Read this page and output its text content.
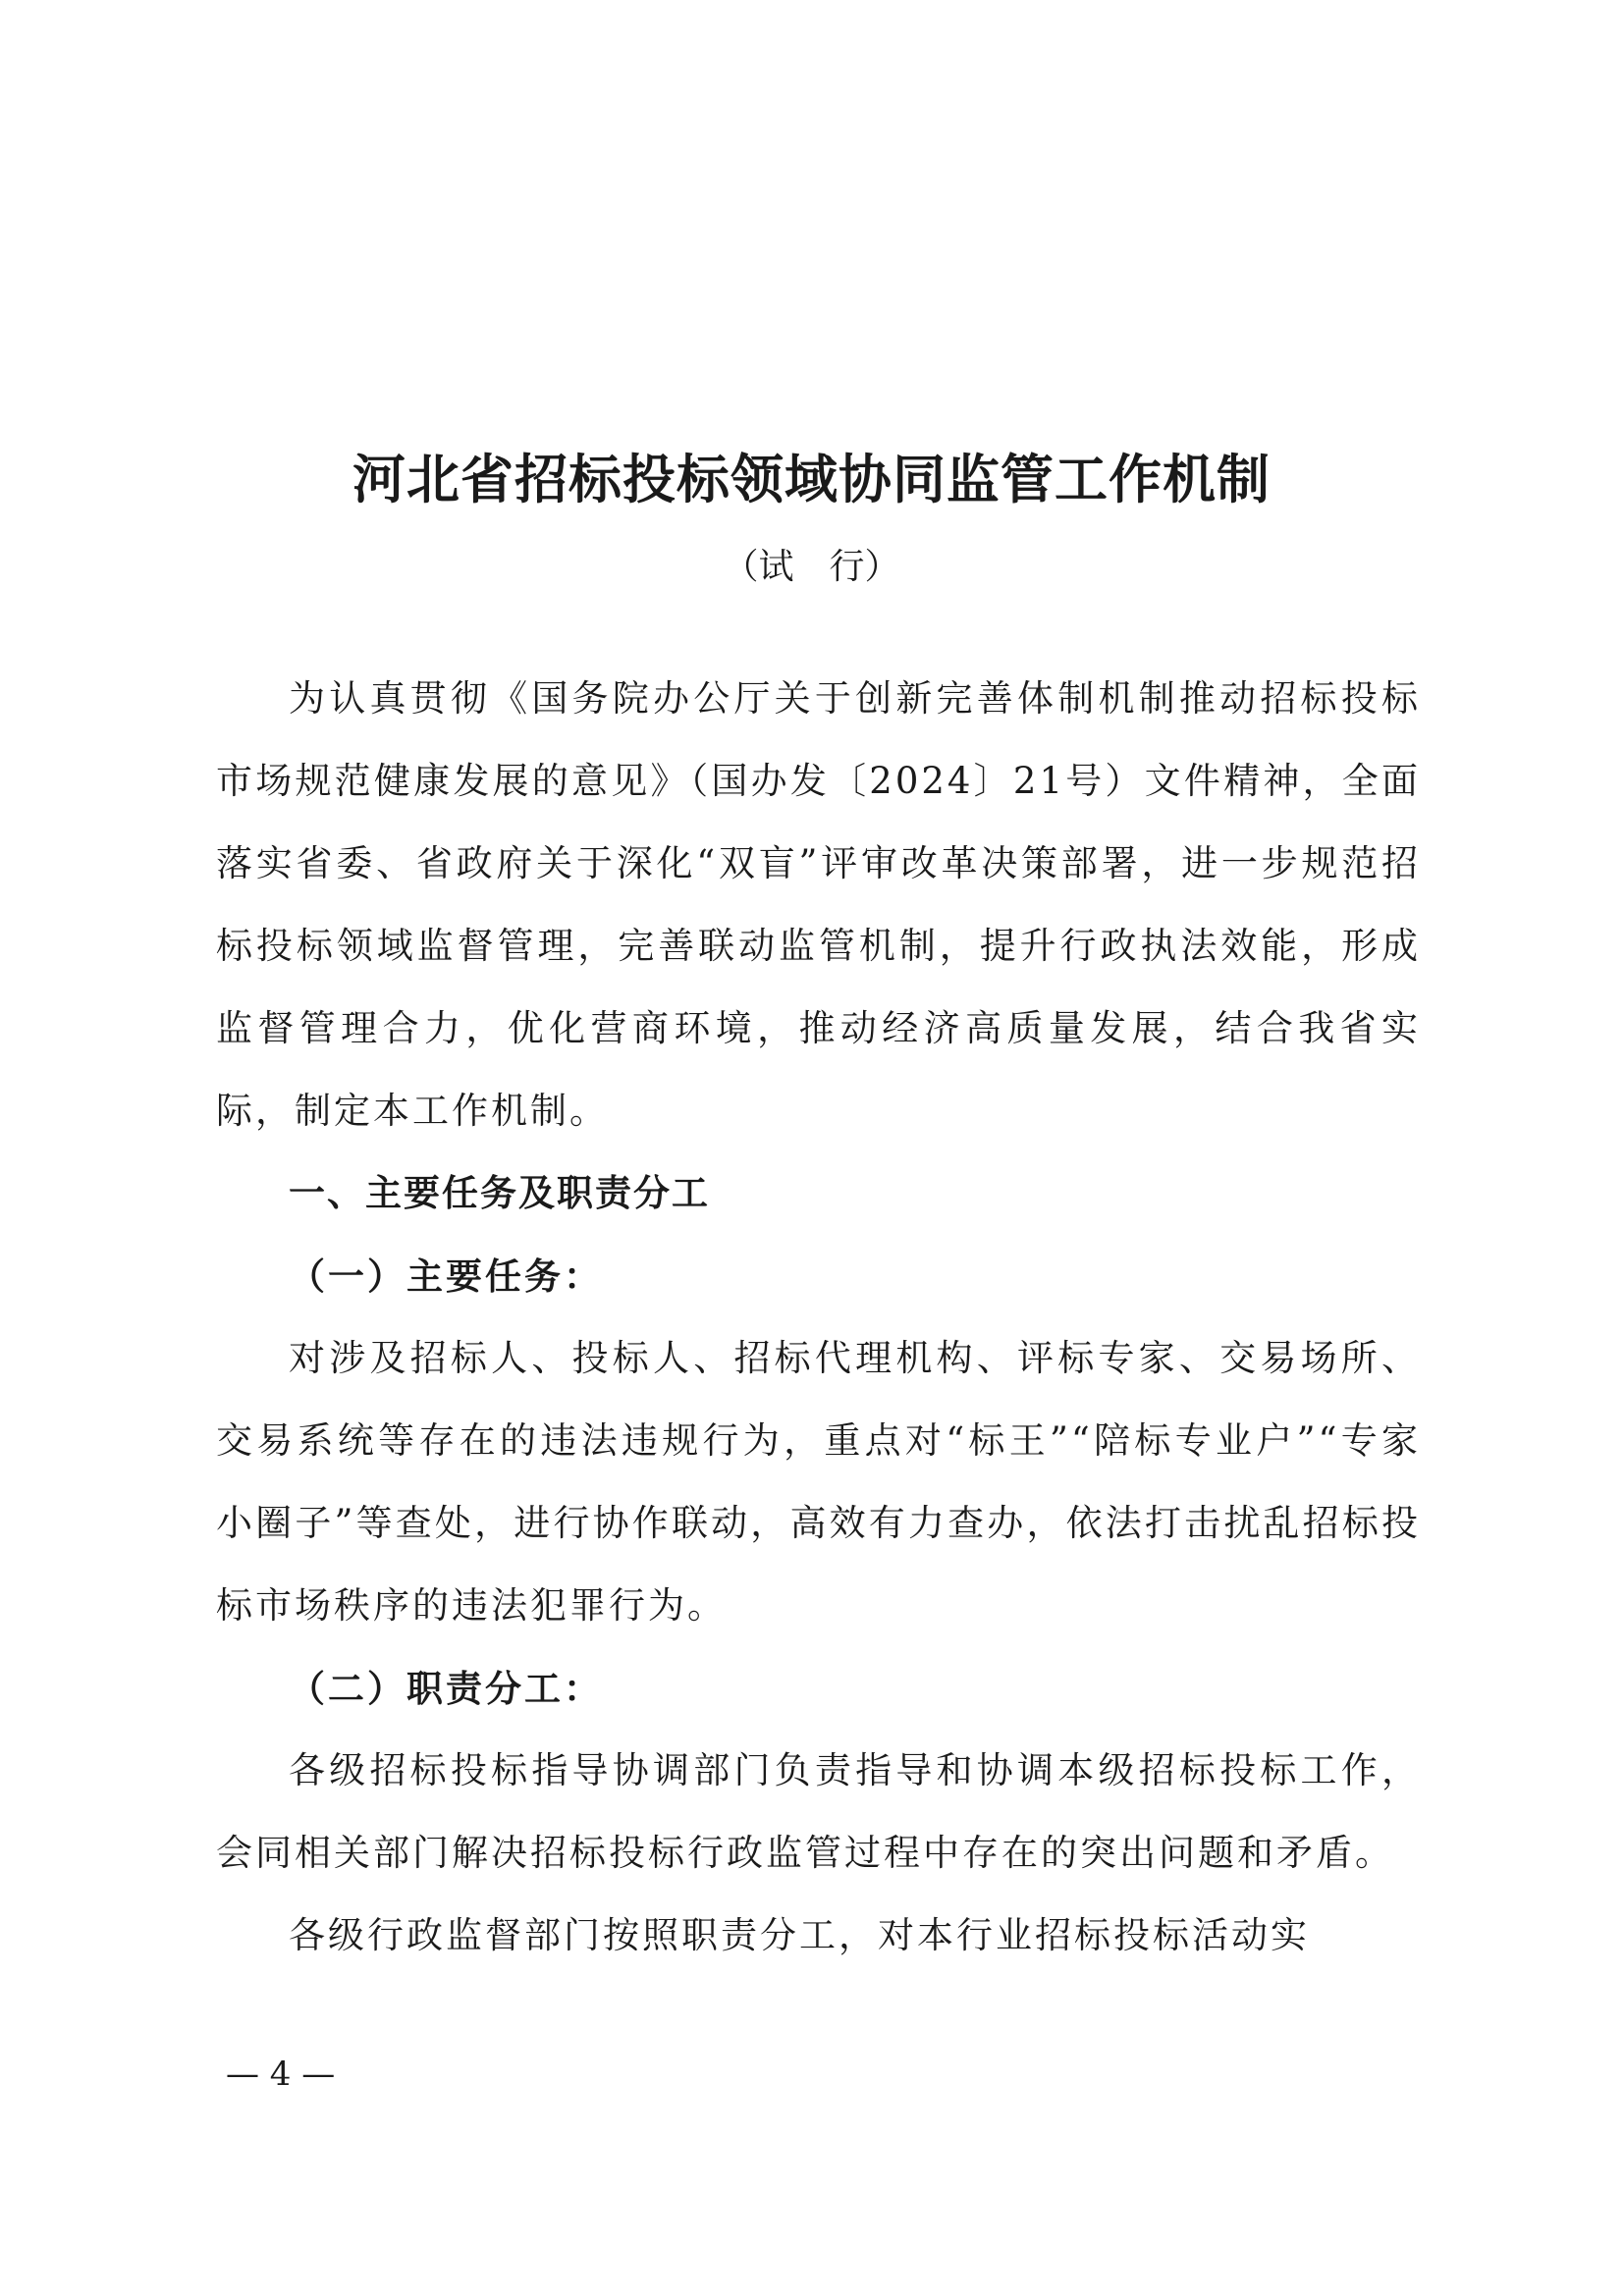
河北省招标投标领域协同监管工作机制
（试　行）

为认真贯彻《国务院办公厅关于创新完善体制机制推动招标投标市场规范健康发展的意见》（国办发〔2024〕21号）文件精神，全面落实省委、省政府关于深化“双盲”评审改革决策部署，进一步规范招标投标领域监督管理，完善联动监管机制，提升行政执法效能，形成监督管理合力，优化营商环境，推动经济高质量发展，结合我省实际，制定本工作机制。

一、主要任务及职责分工

（一）主要任务：

对涉及招标人、投标人、招标代理机构、评标专家、交易场所、交易系统等存在的违法违规行为，重点对“标王”“陪标专业户”“专家小圈子”等查处，进行协作联动，高效有力查办，依法打击扰乱招标投标市场秩序的违法犯罪行为。

（二）职责分工：

各级招标投标指导协调部门负责指导和协调本级招标投标工作，会同相关部门解决招标投标行政监管过程中存在的突出问题和矛盾。

各级行政监督部门按照职责分工，对本行业招标投标活动实

— 4 —
